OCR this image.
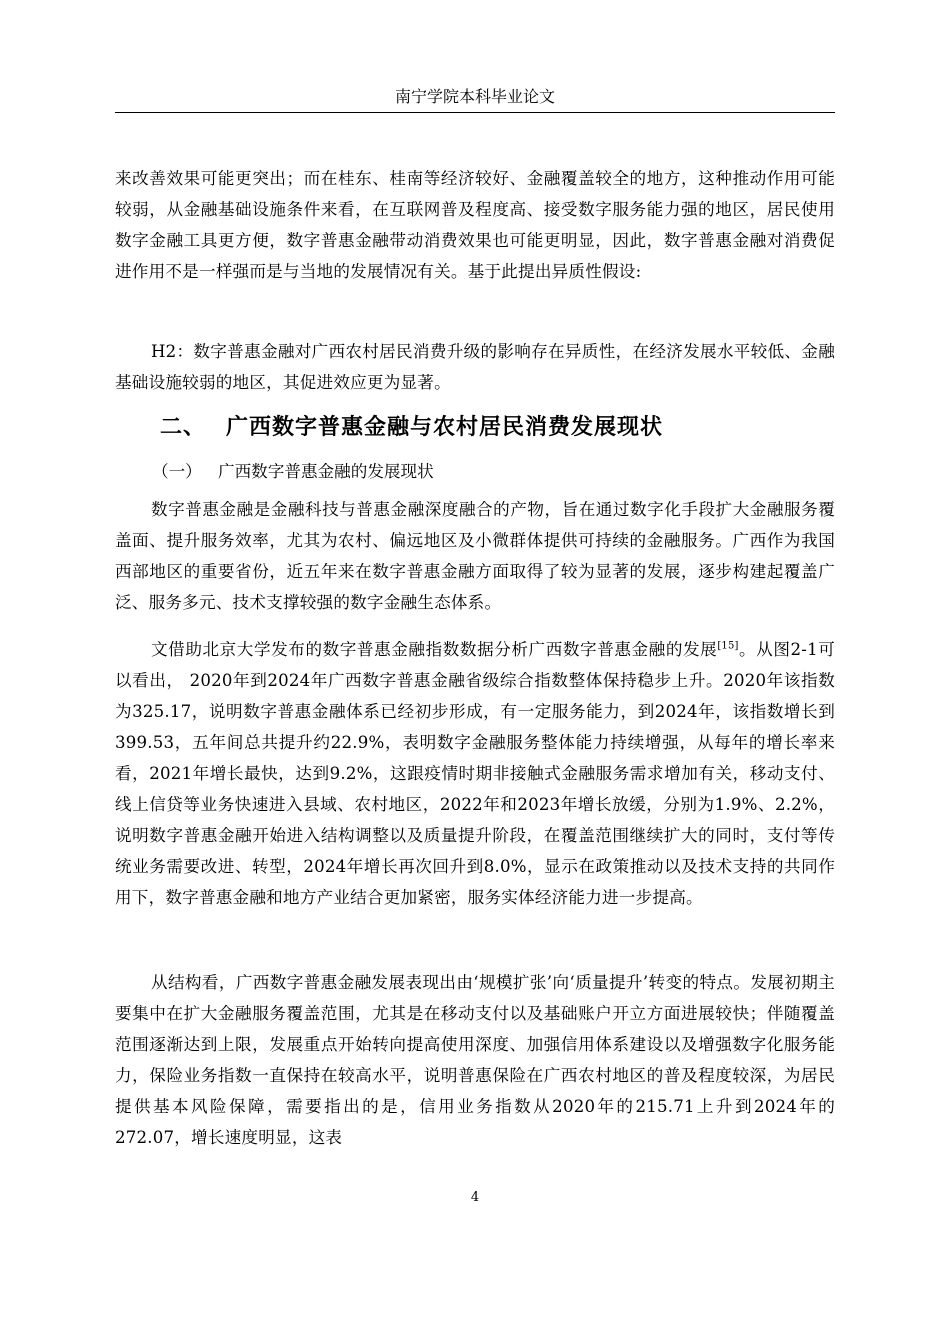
南宁学院本科毕业论文

来改善效果可能更突出；而在桂东、桂南等经济较好、金融覆盖较全的地方，这种推动作用可能较弱，从金融基础设施条件来看，在互联网普及程度高、接受数字服务能力强的地区，居民使用数字金融工具更方便，数字普惠金融带动消费效果也可能更明显，因此，数字普惠金融对消费促进作用不是一样强而是与当地的发展情况有关。基于此提出异质性假设:

H2：数字普惠金融对广西农村居民消费升级的影响存在异质性，在经济发展水平较低、金融基础设施较弱的地区，其促进效应更为显著。

二、 广西数字普惠金融与农村居民消费发展现状
（一） 广西数字普惠金融的发展现状

数字普惠金融是金融科技与普惠金融深度融合的产物，旨在通过数字化手段扩大金融服务覆盖面、提升服务效率，尤其为农村、偏远地区及小微群体提供可持续的金融服务。广西作为我国西部地区的重要省份，近五年来在数字普惠金融方面取得了较为显著的发展，逐步构建起覆盖广泛、服务多元、技术支撑较强的数字金融生态体系。

文借助北京大学发布的数字普惠金融指数数据分析广西数字普惠金融的发展[15]。从图2-1可以看出， 2020年到2024年广西数字普惠金融省级综合指数整体保持稳步上升。2020年该指数为325.17，说明数字普惠金融体系已经初步形成，有一定服务能力，到2024年，该指数增长到399.53，五年间总共提升约22.9%，表明数字金融服务整体能力持续增强，从每年的增长率来看，2021年增长最快，达到9.2%，这跟疫情时期非接触式金融服务需求增加有关，移动支付、线上信贷等业务快速进入县域、农村地区，2022年和2023年增长放缓，分别为1.9%、2.2%，说明数字普惠金融开始进入结构调整以及质量提升阶段，在覆盖范围继续扩大的同时，支付等传统业务需要改进、转型，2024年增长再次回升到8.0%，显示在政策推动以及技术支持的共同作用下，数字普惠金融和地方产业结合更加紧密，服务实体经济能力进一步提高。

从结构看，广西数字普惠金融发展表现出由‘规模扩张’向‘质量提升’转变的特点。发展初期主要集中在扩大金融服务覆盖范围，尤其是在移动支付以及基础账户开立方面进展较快；伴随覆盖范围逐渐达到上限，发展重点开始转向提高使用深度、加强信用体系建设以及增强数字化服务能力，保险业务指数一直保持在较高水平，说明普惠保险在广西农村地区的普及程度较深，为居民提供基本风险保障，需要指出的是，信用业务指数从2020年的215.71上升到2024年的272.07，增长速度明显，这表

4
